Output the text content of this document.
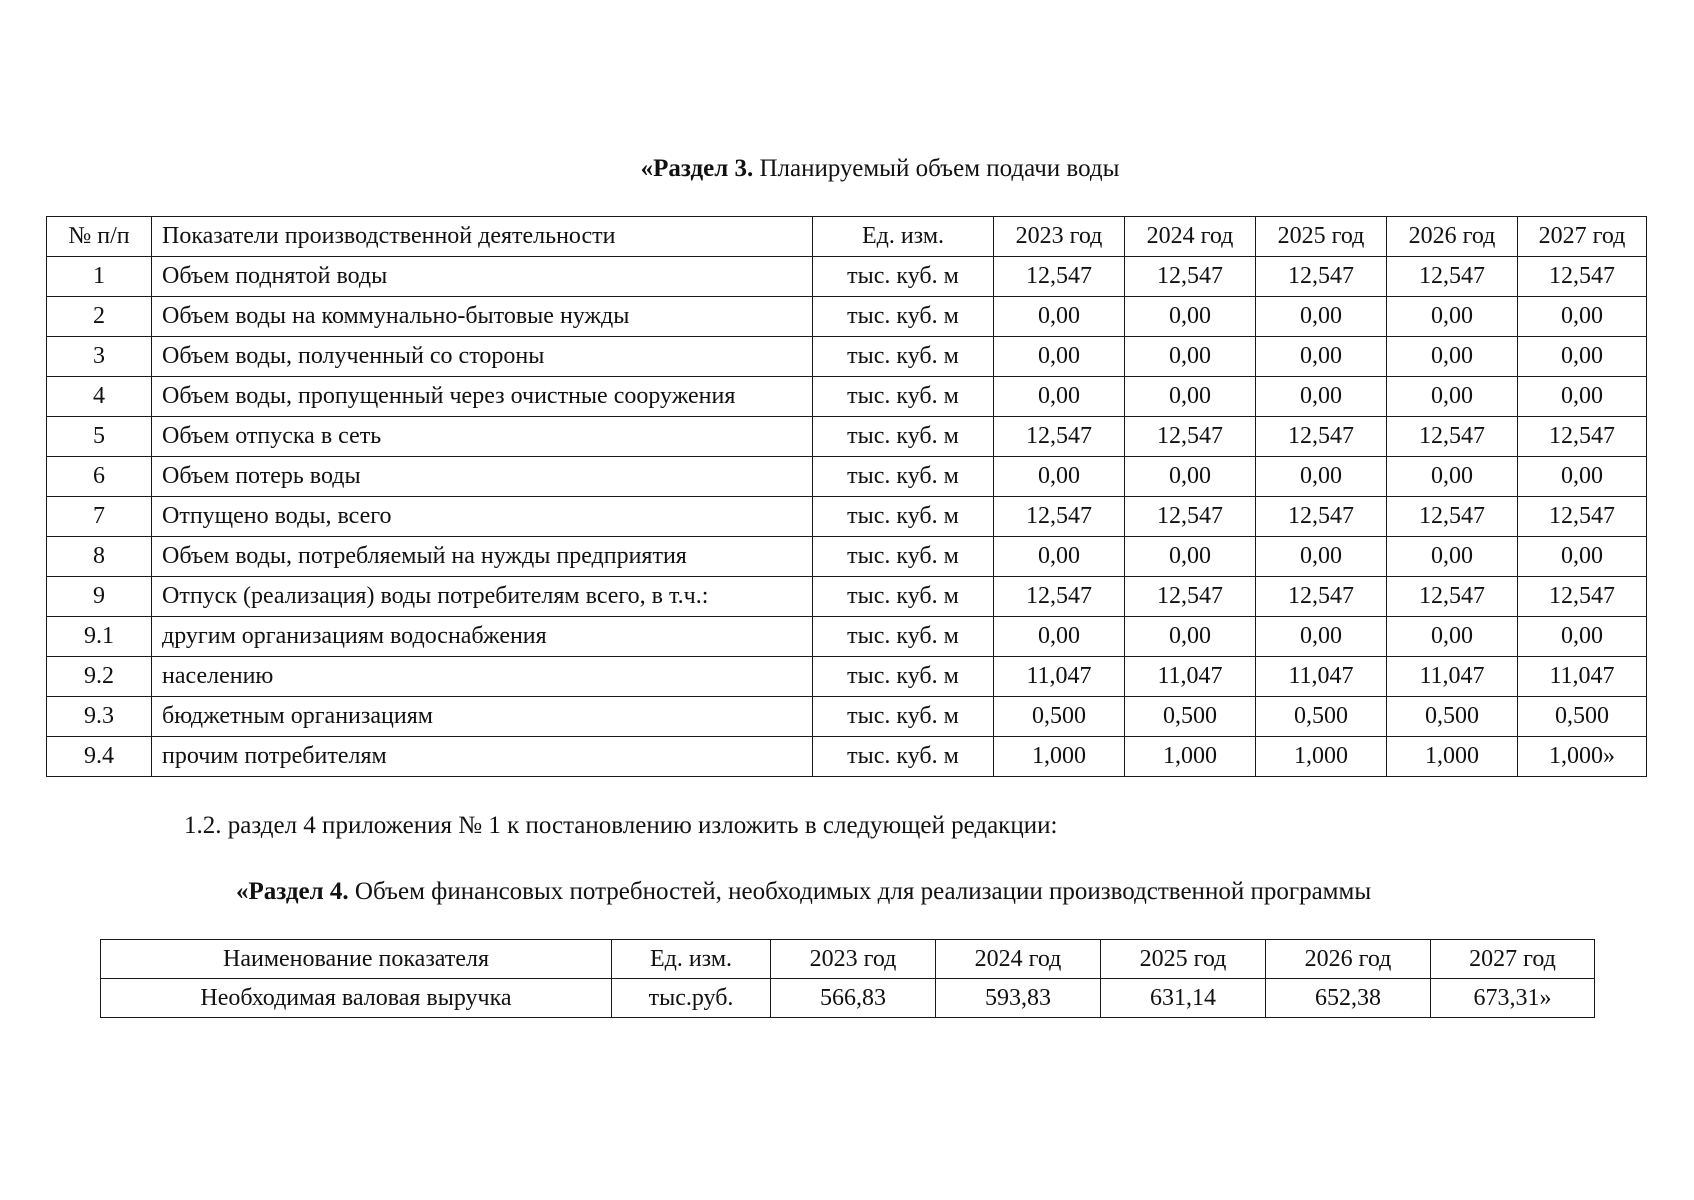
«Раздел 3. Планируемый объем подачи воды
№ п/п	Показатели производственной деятельности	Ед. изм.	2023 год	2024 год	2025 год	2026 год	2027 год
1	Объем поднятой воды	тыс. куб. м	12,547	12,547	12,547	12,547	12,547
2	Объем воды на коммунально-бытовые нужды	тыс. куб. м	0,00	0,00	0,00	0,00	0,00
3	Объем воды, полученный со стороны	тыс. куб. м	0,00	0,00	0,00	0,00	0,00
4	Объем воды, пропущенный через очистные сооружения	тыс. куб. м	0,00	0,00	0,00	0,00	0,00
5	Объем отпуска в сеть	тыс. куб. м	12,547	12,547	12,547	12,547	12,547
6	Объем потерь воды	тыс. куб. м	0,00	0,00	0,00	0,00	0,00
7	Отпущено воды, всего	тыс. куб. м	12,547	12,547	12,547	12,547	12,547
8	Объем воды, потребляемый на нужды предприятия	тыс. куб. м	0,00	0,00	0,00	0,00	0,00
9	Отпуск (реализация) воды потребителям всего, в т.ч.:	тыс. куб. м	12,547	12,547	12,547	12,547	12,547
9.1	другим организациям водоснабжения	тыс. куб. м	0,00	0,00	0,00	0,00	0,00
9.2	населению	тыс. куб. м	11,047	11,047	11,047	11,047	11,047
9.3	бюджетным организациям	тыс. куб. м	0,500	0,500	0,500	0,500	0,500
9.4	прочим потребителям	тыс. куб. м	1,000	1,000	1,000	1,000	1,000»
1.2. раздел 4 приложения № 1 к постановлению изложить в следующей редакции:
«Раздел 4. Объем финансовых потребностей, необходимых для реализации производственной программы
Наименование показателя	Ед. изм.	2023 год	2024 год	2025 год	2026 год	2027 год
Необходимая валовая выручка	тыс.руб.	566,83	593,83	631,14	652,38	673,31»
